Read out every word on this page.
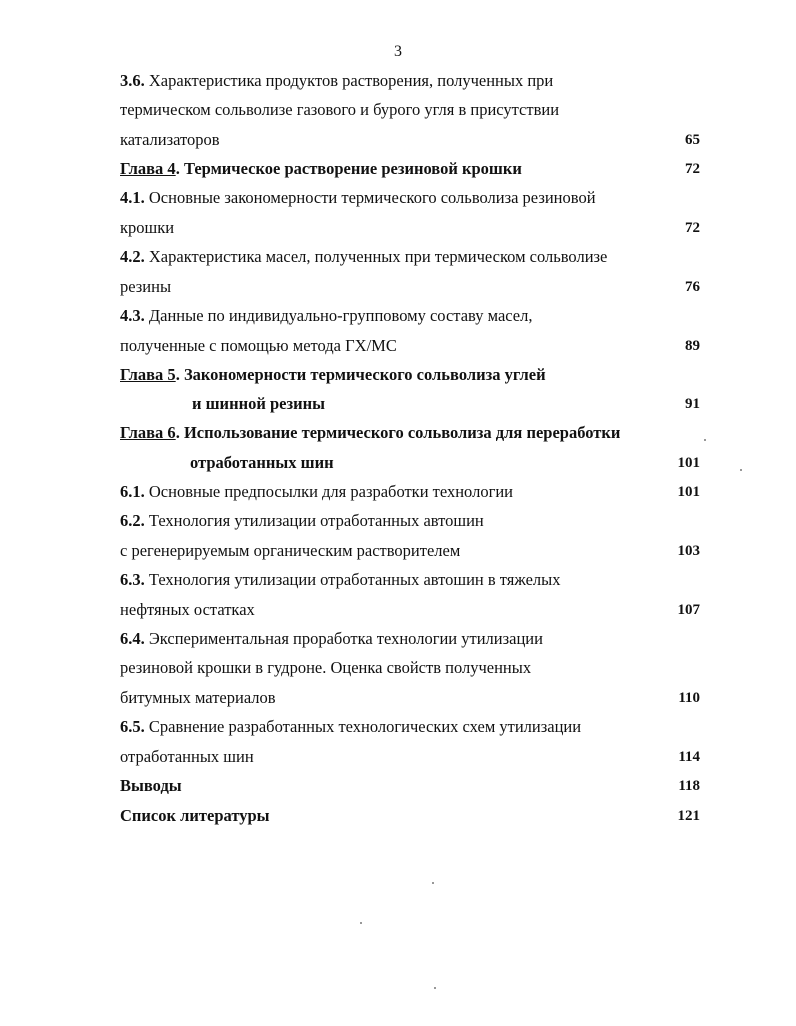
3
3.6. Характеристика продуктов растворения, полученных при
термическом сольволизе газового и бурого угля в присутствии
катализаторов	65
Глава 4. Термическое растворение резиновой крошки	72
4.1. Основные закономерности термического сольволиза резиновой
крошки	72
4.2. Характеристика масел, полученных при термическом сольволизе
резины	76
4.3. Данные по индивидуально-групповому составу масел,
полученные с помощью метода ГХ/МС	89
Глава 5. Закономерности термического сольволиза углей
и шинной резины	91
Глава 6. Использование термического сольволиза для переработки
отработанных шин	101
6.1. Основные предпосылки для разработки технологии	101
6.2. Технология утилизации отработанных автошин
с регенерируемым органическим растворителем	103
6.3. Технология утилизации отработанных автошин в тяжелых
нефтяных остатках	107
6.4. Экспериментальная проработка технологии утилизации
резиновой крошки в гудроне. Оценка свойств полученных
битумных материалов	110
6.5. Сравнение разработанных технологических схем утилизации
отработанных шин	114
Выводы	118
Список литературы	121
